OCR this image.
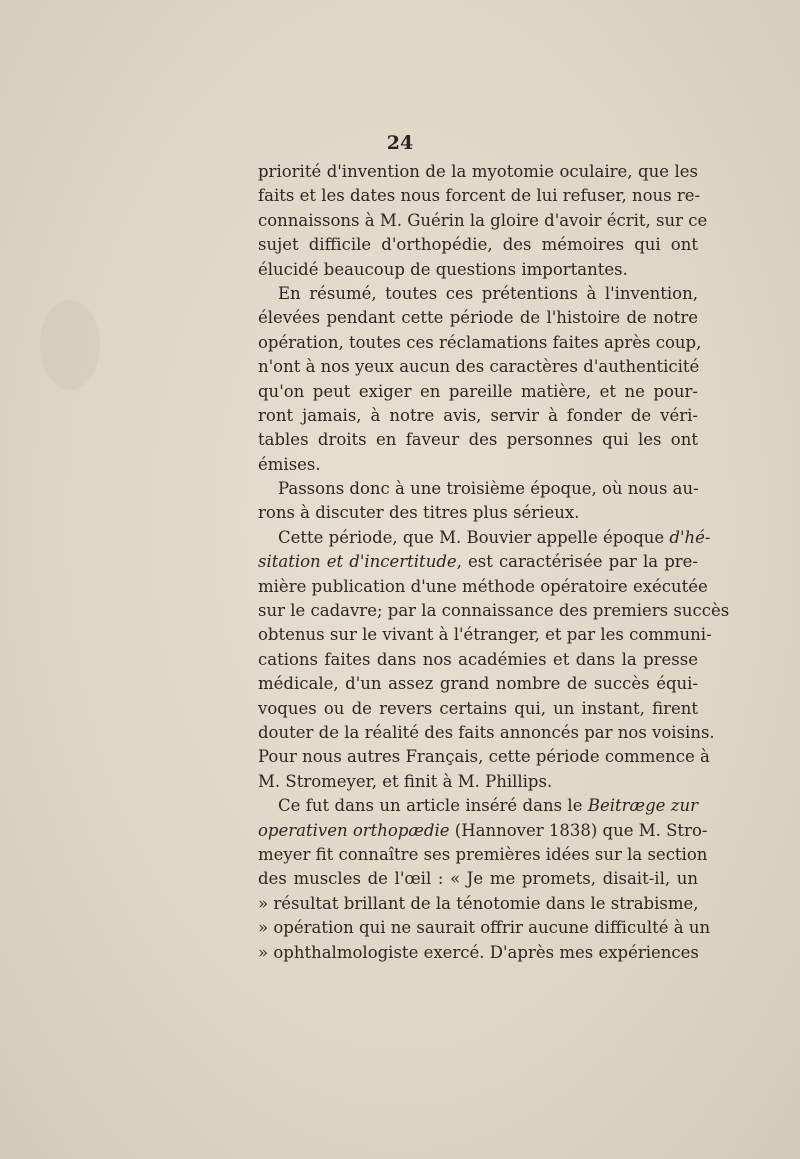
24
priorité d'invention de la myotomie oculaire, que les
faits et les dates nous forcent de lui refuser, nous re-
connaissons à M. Guérin la gloire d'avoir écrit, sur ce
sujet difficile d'orthopédie, des mémoires qui ont
élucidé beaucoup de questions importantes.
En résumé, toutes ces prétentions à l'invention,
élevées pendant cette période de l'histoire de notre
opération, toutes ces réclamations faites après coup,
n'ont à nos yeux aucun des caractères d'authenticité
qu'on peut exiger en pareille matière, et ne pour-
ront jamais, à notre avis, servir à fonder de véri-
tables droits en faveur des personnes qui les ont
émises.
Passons donc à une troisième époque, où nous au-
rons à discuter des titres plus sérieux.
Cette période, que M. Bouvier appelle époque d'hé-
sitation et d'incertitude, est caractérisée par la pre-
mière publication d'une méthode opératoire exécutée
sur le cadavre; par la connaissance des premiers succès
obtenus sur le vivant à l'étranger, et par les communi-
cations faites dans nos académies et dans la presse
médicale, d'un assez grand nombre de succès équi-
voques ou de revers certains qui, un instant, firent
douter de la réalité des faits annoncés par nos voisins.
Pour nous autres Français, cette période commence à
M. Stromeyer, et finit à M. Phillips.
Ce fut dans un article inséré dans le Beitræge zur
operativen orthopædie (Hannover 1838) que M. Stro-
meyer fit connaître ses premières idées sur la section
des muscles de l'œil : « Je me promets, disait-il, un
» résultat brillant de la ténotomie dans le strabisme,
» opération qui ne saurait offrir aucune difficulté à un
» ophthalmologiste exercé. D'après mes expériences
